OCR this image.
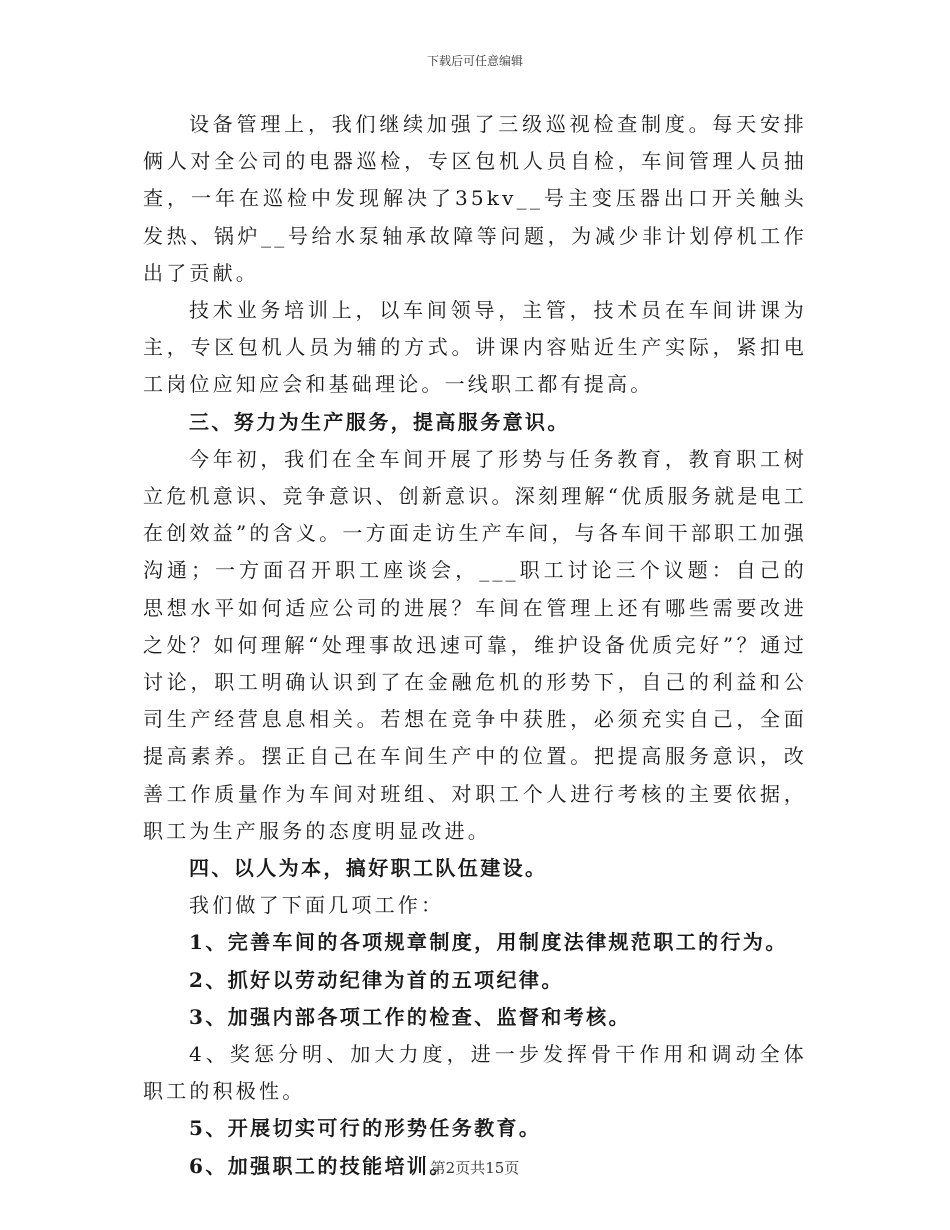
下载后可任意编辑

设备管理上，我们继续加强了三级巡视检查制度。每天安排俩人对全公司的电器巡检，专区包机人员自检，车间管理人员抽查，一年在巡检中发现解决了35kv__号主变压器出口开关触头发热、锅炉__号给水泵轴承故障等问题，为减少非计划停机工作出了贡献。

技术业务培训上，以车间领导，主管，技术员在车间讲课为主，专区包机人员为辅的方式。讲课内容贴近生产实际，紧扣电工岗位应知应会和基础理论。一线职工都有提高。

三、努力为生产服务，提高服务意识。

今年初，我们在全车间开展了形势与任务教育，教育职工树立危机意识、竞争意识、创新意识。深刻理解“优质服务就是电工在创效益”的含义。一方面走访生产车间，与各车间干部职工加强沟通；一方面召开职工座谈会，___职工讨论三个议题：自己的思想水平如何适应公司的进展？车间在管理上还有哪些需要改进之处？如何理解“处理事故迅速可靠，维护设备优质完好”？通过讨论，职工明确认识到了在金融危机的形势下，自己的利益和公司生产经营息息相关。若想在竞争中获胜，必须充实自己，全面提高素养。摆正自己在车间生产中的位置。把提高服务意识，改善工作质量作为车间对班组、对职工个人进行考核的主要依据，职工为生产服务的态度明显改进。

四、以人为本，搞好职工队伍建设。

我们做了下面几项工作：

1、完善车间的各项规章制度，用制度法律规范职工的行为。

2、抓好以劳动纪律为首的五项纪律。

3、加强内部各项工作的检查、监督和考核。

4、奖惩分明、加大力度，进一步发挥骨干作用和调动全体职工的积极性。

5、开展切实可行的形势任务教育。

6、加强职工的技能培训。

第2页共15页
